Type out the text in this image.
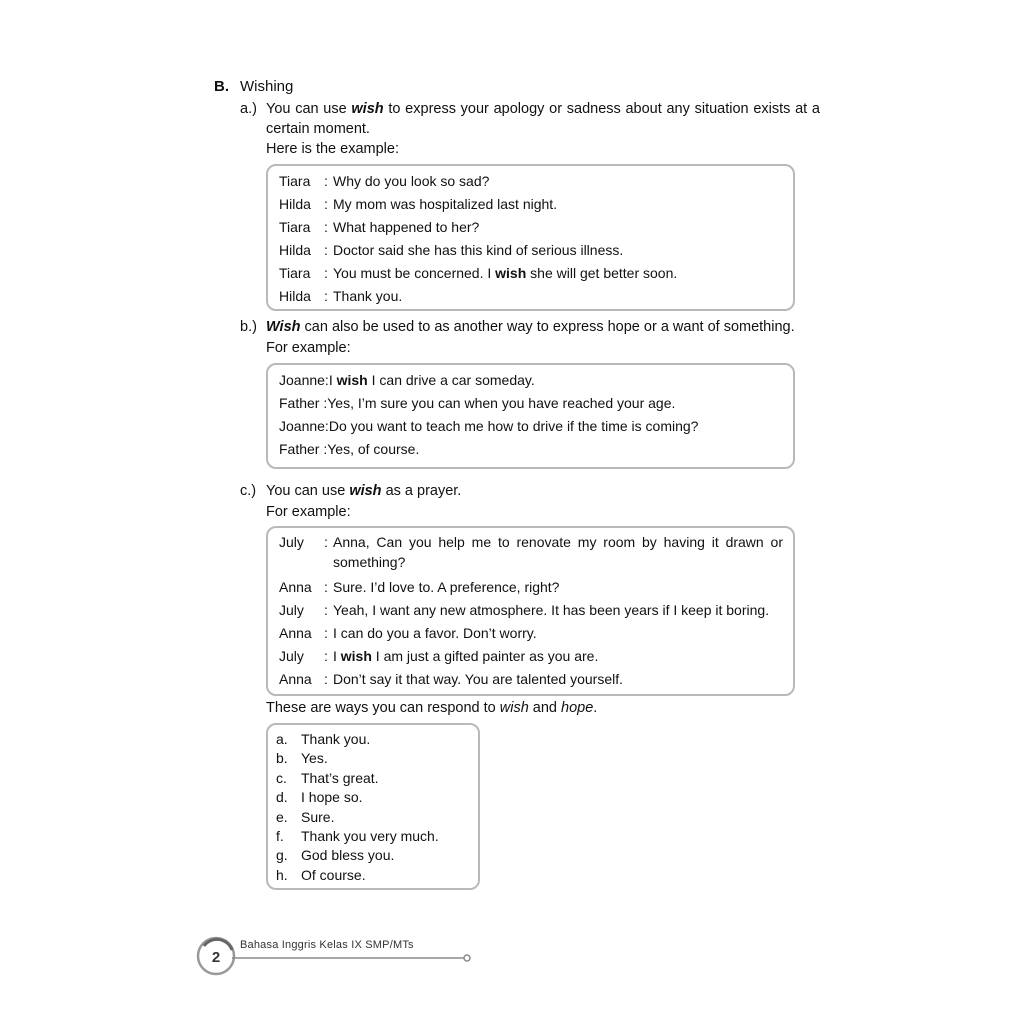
B. Wishing
a.) You can use wish to express your apology or sadness about any situation exists at a certain moment.
Here is the example:
Tiara : Why do you look so sad?
Hilda : My mom was hospitalized last night.
Tiara : What happened to her?
Hilda : Doctor said she has this kind of serious illness.
Tiara : You must be concerned. I wish she will get better soon.
Hilda : Thank you.
b.) Wish can also be used to as another way to express hope or a want of something.
For example:
Joanne: I wish I can drive a car someday.
Father : Yes, I’m sure you can when you have reached your age.
Joanne: Do you want to teach me how to drive if the time is coming?
Father : Yes, of course.
c.) You can use wish as a prayer.
For example:
July	: Anna, Can you help me to renovate my room by having it drawn or something?
Anna : Sure. I’d love to. A preference, right?
July	: Yeah, I want any new atmosphere. It has been years if I keep it boring.
Anna : I can do you a favor. Don’t worry.
July	: I wish I am just a gifted painter as you are.
Anna : Don’t say it that way. You are talented yourself.
These are ways you can respond to wish and hope.
a. Thank you.
b. Yes.
c.	That’s great.
d. I hope so.
e. Sure.
f.	Thank you very much.
g. God bless you.
h. Of course.
2
Bahasa Inggris Kelas IX SMP/MTs
